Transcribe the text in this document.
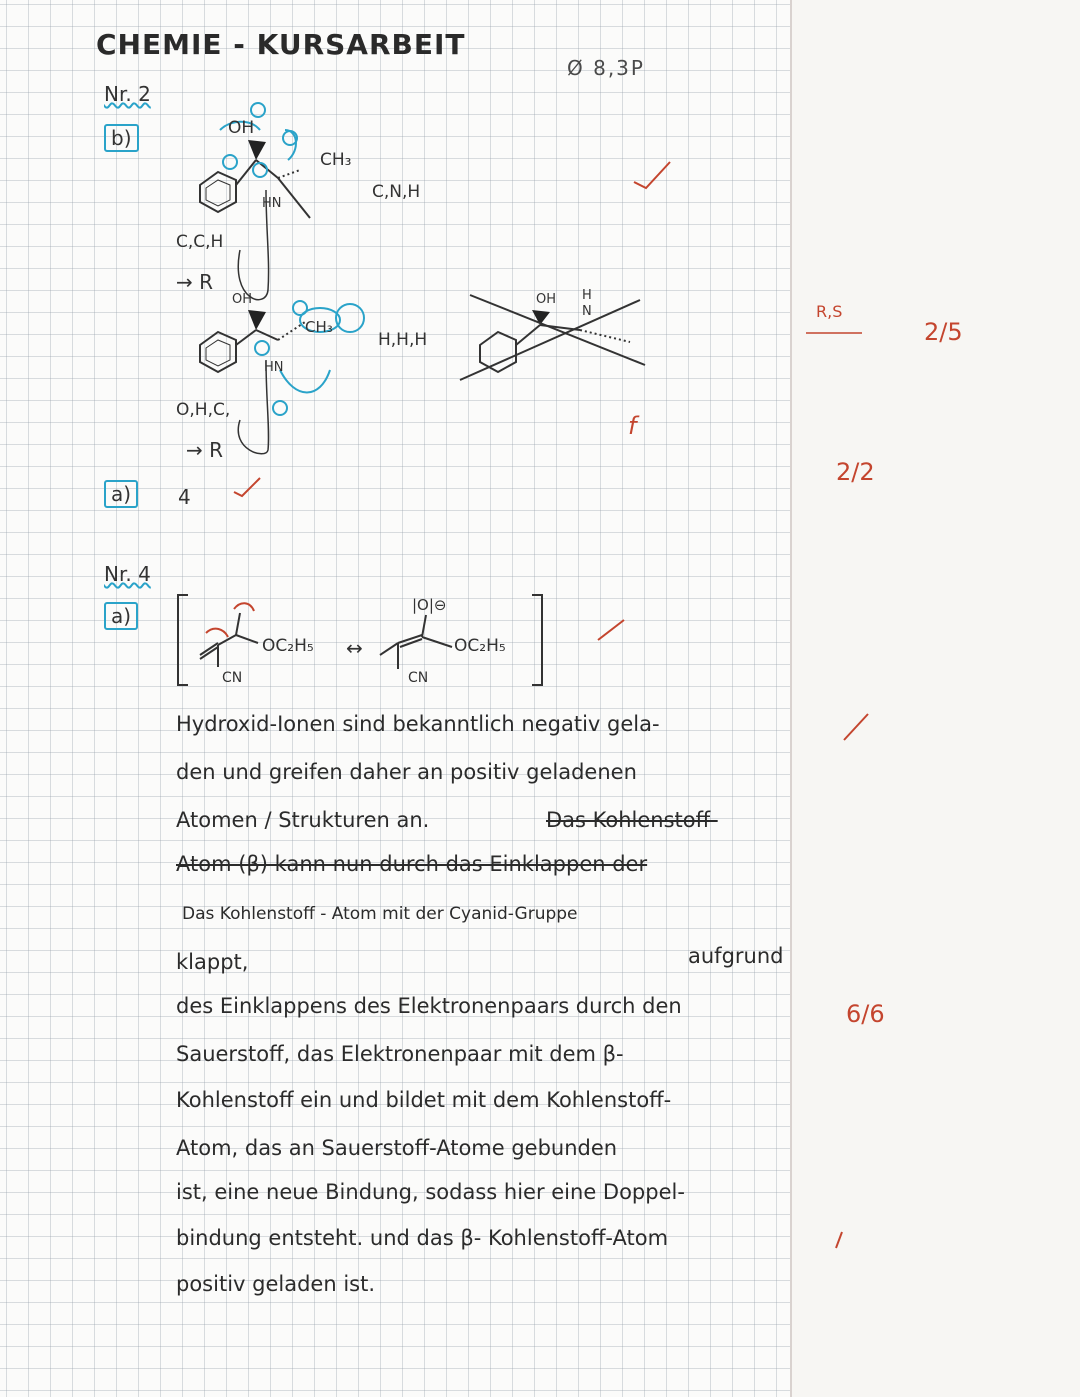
CHEMIE - KURSARBEIT
Ø 8,3P
Nr. 2
b)
a)	4
Nr. 4
a)
OH
CH₃
HN
C,N,H
C,C,H
→ R
OH
CH₃
HN
H,H,H
O,H,C,
→ R
OH H
N
f
OC₂H₅ ↔
CN
|O|⊖
OC₂H₅
CN
Hydroxid-Ionen sind bekanntlich negativ gela-
den und greifen daher an positiv geladenen
Atomen / Strukturen an.	Das Kohlenstoff-
Atom (β) kann nun durch das Einklappen der
Das Kohlenstoff - Atom mit der Cyanid-Gruppe
klappt,	aufgrund
des Einklappens des Elektronenpaars durch den
Sauerstoff, das Elektronenpaar mit dem β-
Kohlenstoff ein und bildet mit dem Kohlenstoff-
Atom, das an Sauerstoff-Atome gebunden
ist, eine neue Bindung, sodass hier eine Doppel-
bindung entsteht. und das β- Kohlenstoff-Atom
positiv geladen ist.
R,S
2/5
2/2
6/6
